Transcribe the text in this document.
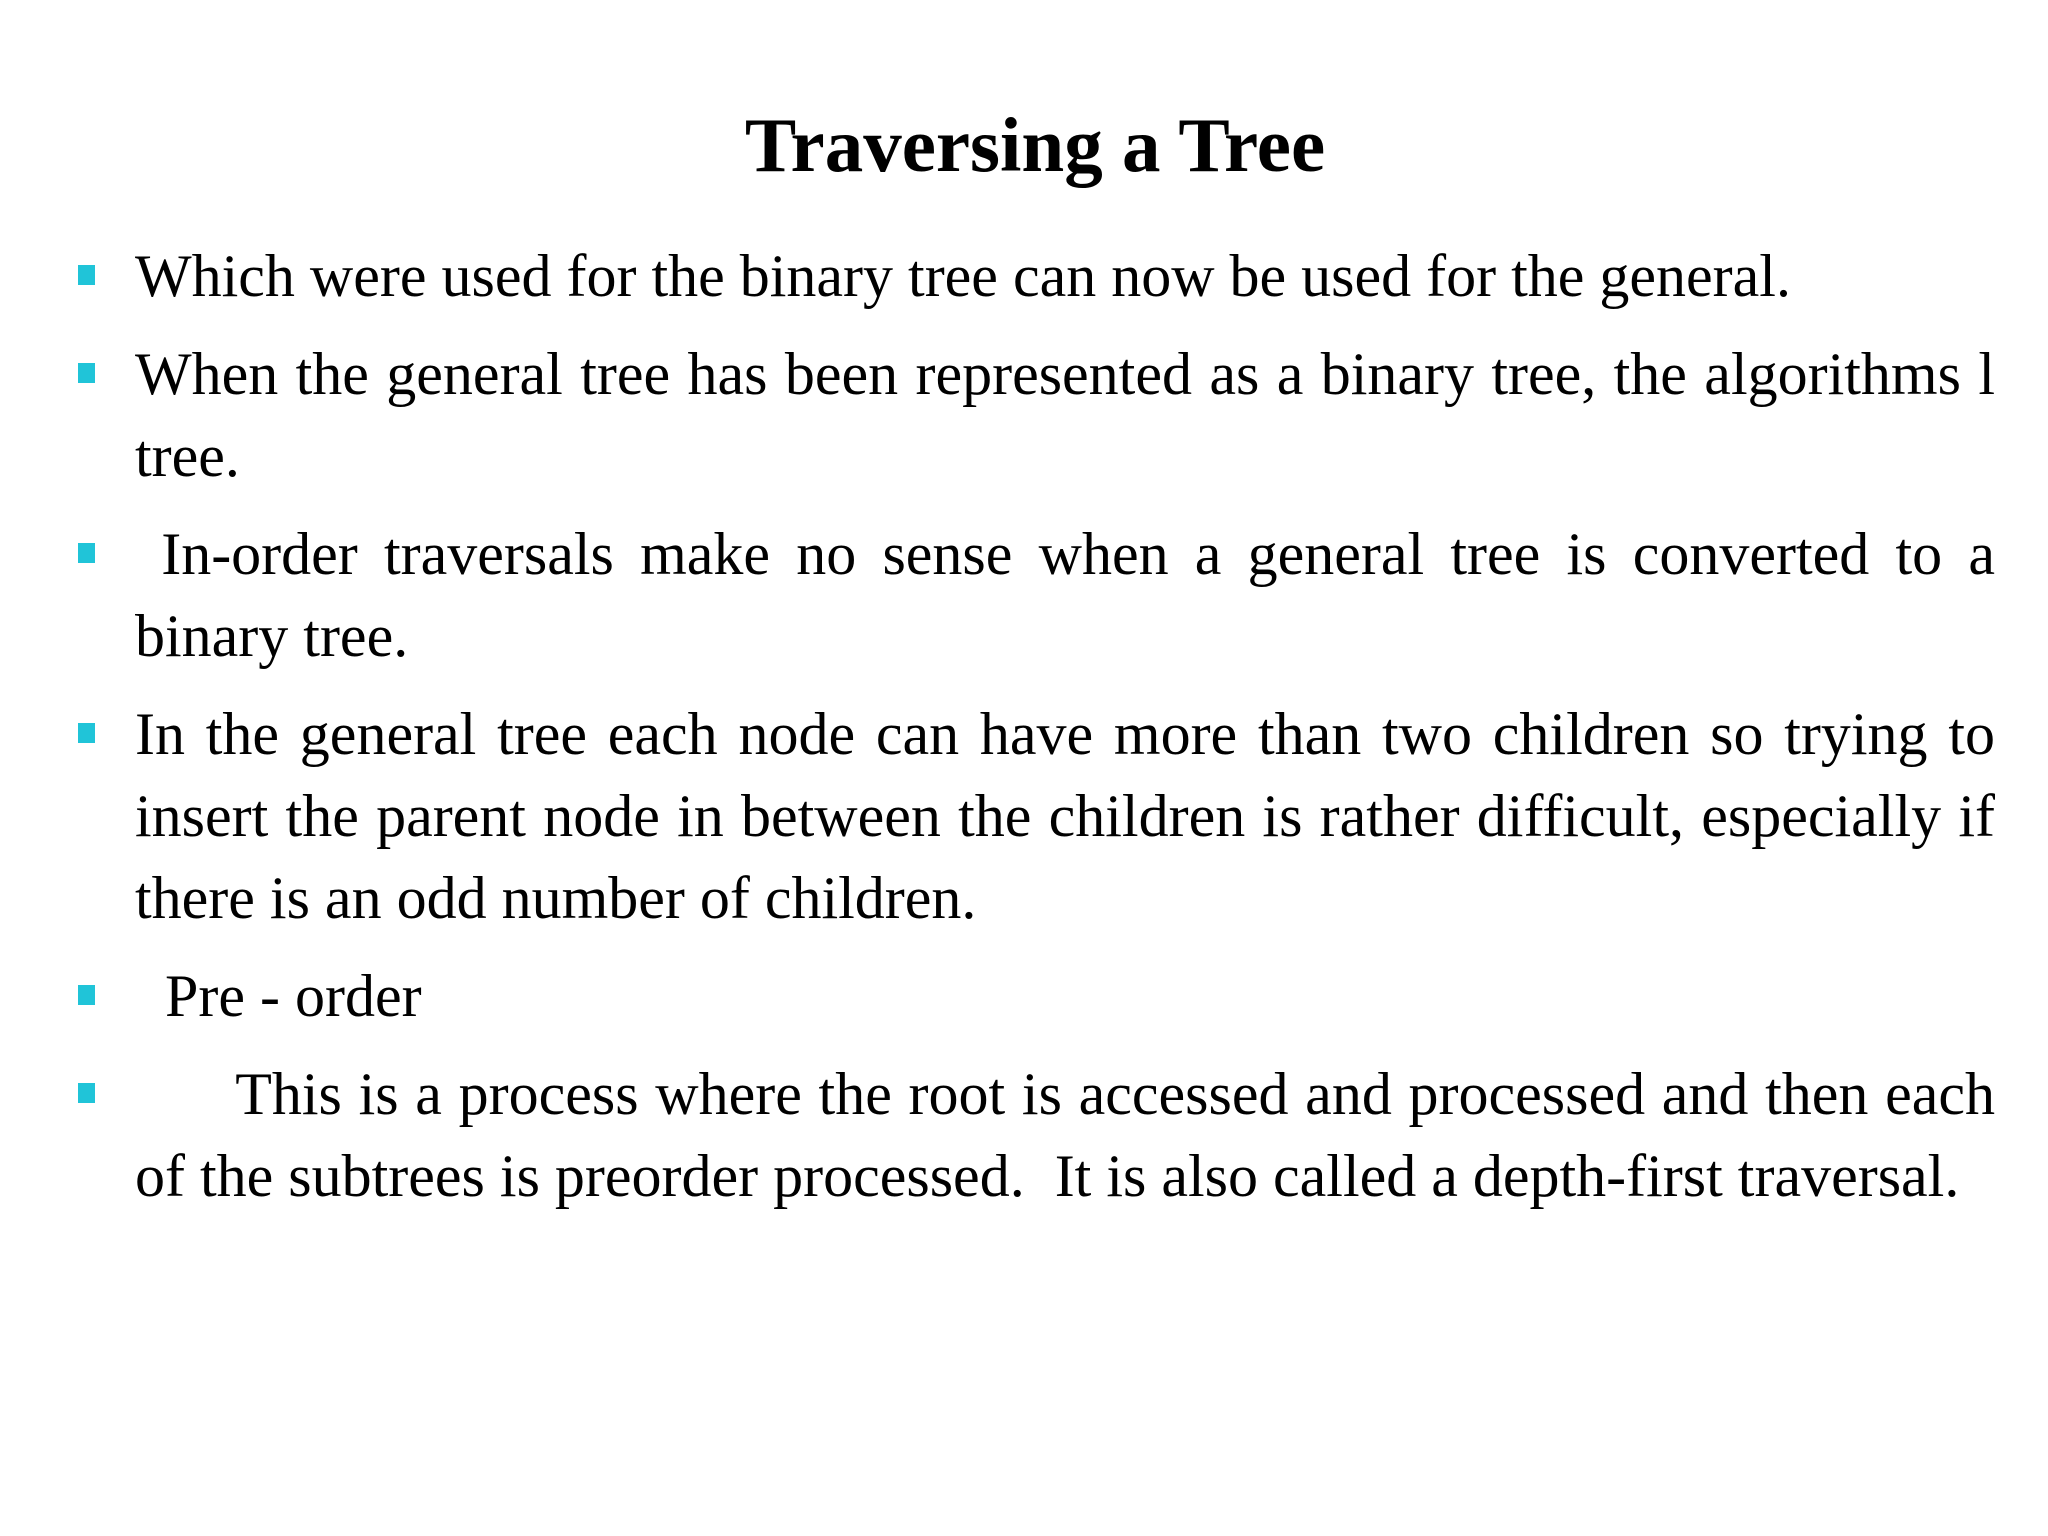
Traversing a Tree
Which were used for the binary tree can now be used for the general.
When the general tree has been represented as a binary tree, the algorithms l tree.
In-order traversals make no sense when a general tree is converted to a binary tree.
In the general tree each node can have more than two children so trying to insert the parent node in between the children is rather difficult, especially if there is an odd number of children.
Pre - order
This is a process where the root is accessed and processed and then each of the subtrees is preorder processed.  It is also called a depth-first traversal.
